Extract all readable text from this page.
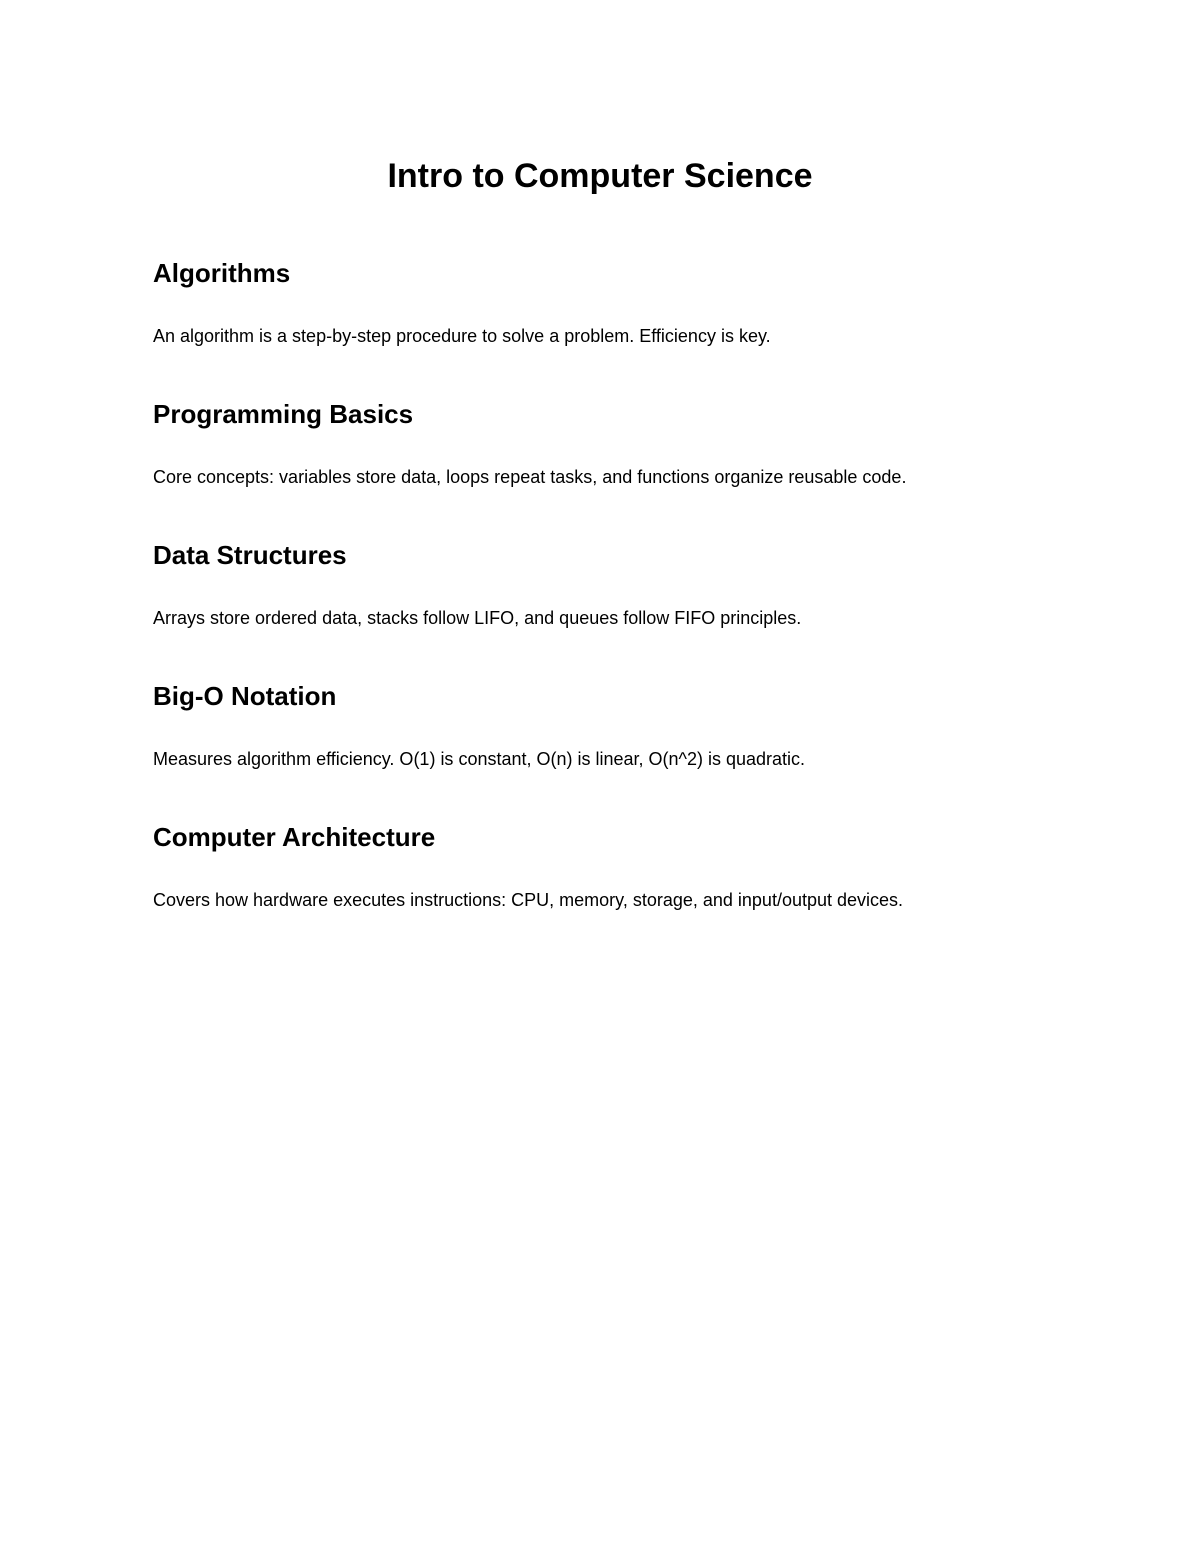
Intro to Computer Science
Algorithms

An algorithm is a step-by-step procedure to solve a problem. Efficiency is key.

Programming Basics

Core concepts: variables store data, loops repeat tasks, and functions organize reusable code.

Data Structures

Arrays store ordered data, stacks follow LIFO, and queues follow FIFO principles.

Big-O Notation

Measures algorithm efficiency. O(1) is constant, O(n) is linear, O(n^2) is quadratic.

Computer Architecture

Covers how hardware executes instructions: CPU, memory, storage, and input/output devices.
